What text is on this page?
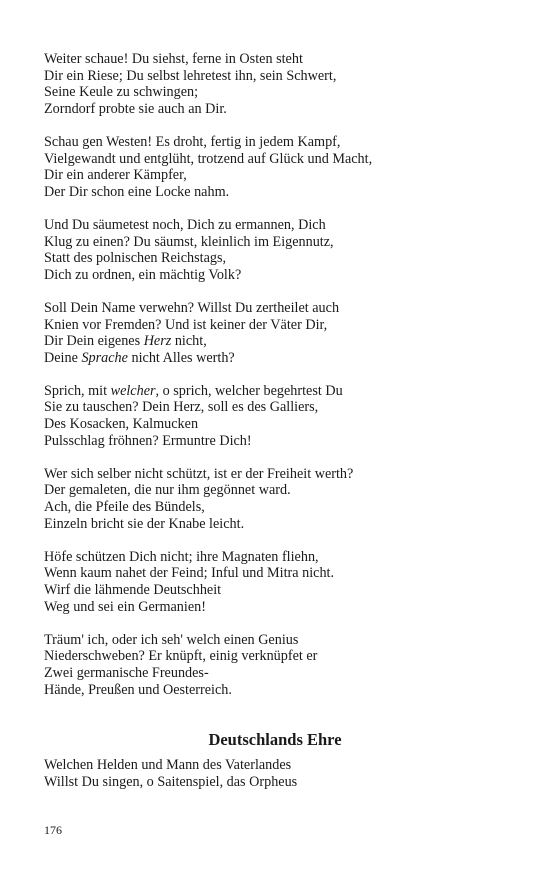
Weiter schaue! Du siehst, ferne in Osten steht
Dir ein Riese; Du selbst lehretest ihn, sein Schwert,
Seine Keule zu schwingen;
Zorndorf probte sie auch an Dir.
Schau gen Westen! Es droht, fertig in jedem Kampf,
Vielgewandt und entglüht, trotzend auf Glück und Macht,
Dir ein anderer Kämpfer,
Der Dir schon eine Locke nahm.
Und Du säumetest noch, Dich zu ermannen, Dich
Klug zu einen? Du säumst, kleinlich im Eigennutz,
Statt des polnischen Reichstags,
Dich zu ordnen, ein mächtig Volk?
Soll Dein Name verwehn? Willst Du zertheilet auch
Knien vor Fremden? Und ist keiner der Väter Dir,
Dir Dein eigenes Herz nicht,
Deine Sprache nicht Alles werth?
Sprich, mit welcher, o sprich, welcher begehrtest Du
Sie zu tauschen? Dein Herz, soll es des Galliers,
Des Kosacken, Kalmucken
Pulsschlag fröhnen? Ermuntre Dich!
Wer sich selber nicht schützt, ist er der Freiheit werth?
Der gemaleten, die nur ihm gegönnet ward.
Ach, die Pfeile des Bündels,
Einzeln bricht sie der Knabe leicht.
Höfe schützen Dich nicht; ihre Magnaten fliehn,
Wenn kaum nahet der Feind; Inful und Mitra nicht.
Wirf die lähmende Deutschheit
Weg und sei ein Germanien!
Träum' ich, oder ich seh' welch einen Genius
Niederschweben? Er knüpft, einig verknüpfet er
Zwei germanische Freundes-
Hände, Preußen und Oesterreich.
Deutschlands Ehre
Welchen Helden und Mann des Vaterlandes
Willst Du singen, o Saitenspiel, das Orpheus
176
